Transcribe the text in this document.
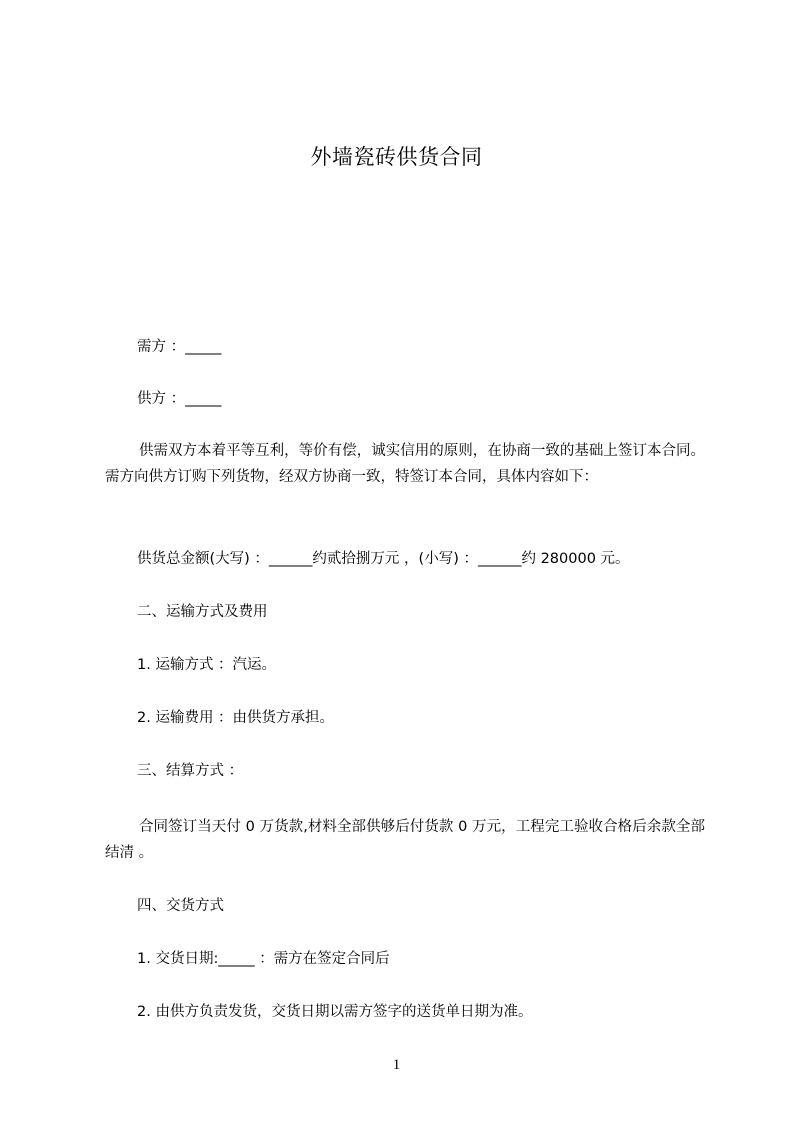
外墙瓷砖供货合同
需方 ：_____
供方 ：_____
供需双方本着平等互利，等价有偿，诚实信用的原则，在协商一致的基础上签订本合同。需方向供方订购下列货物，经双方协商一致，特签订本合同，具体内容如下：
供货总金额(大写) ：______约贰拾捌万元 ，(小写) ：______约 280000 元。
二、运输方式及费用
1. 运输方式 ：汽运。
2. 运输费用 ：由供货方承担。
三、结算方式 ：
合同签订当天付 0 万货款,材料全部供够后付货款 0 万元，工程完工验收合格后余款全部结清 。
四、交货方式
1. 交货日期:_____ ：需方在签定合同后
2. 由供方负责发货，交货日期以需方签字的送货单日期为准。
1
